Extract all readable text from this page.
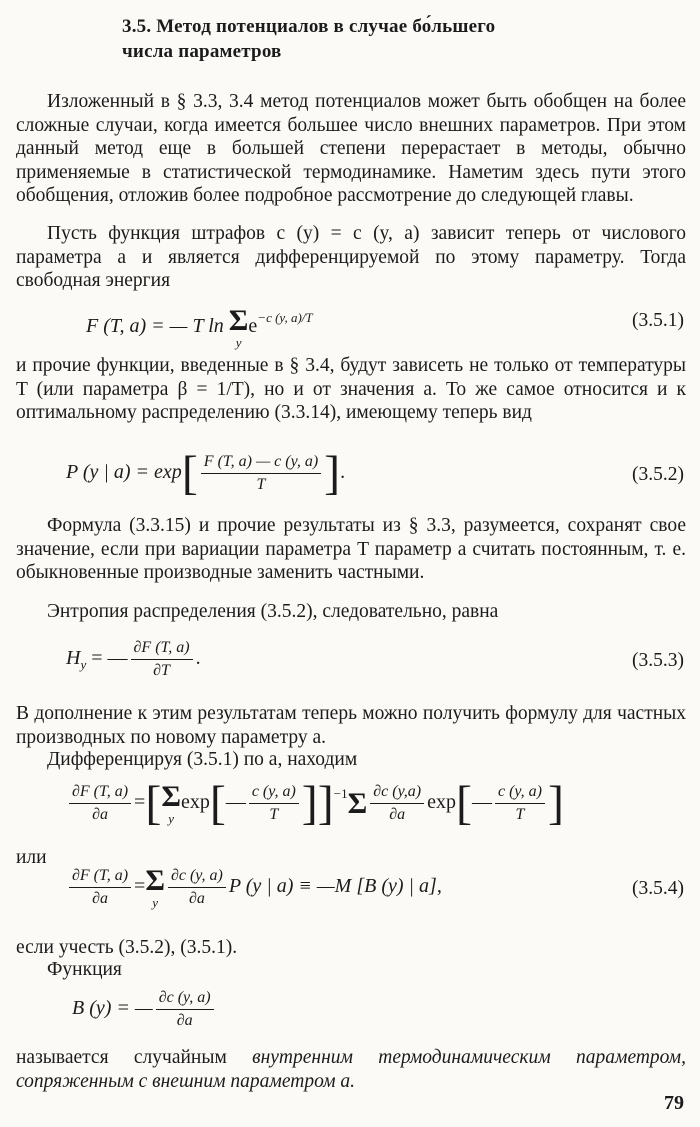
3.5. Метод потенциалов в случае бо́льшего
числа параметров

Изложенный в § 3.3, 3.4 метод потенциалов может быть обобщен на более сложные случаи, когда имеется большее число внешних параметров. При этом данный метод еще в большей степени перерастает в методы, обычно применяемые в статистической термодинамике. Наметим здесь пути этого обобщения, отложив более подробное рассмотрение до следующей главы.

Пусть функция штрафов c (y) = c (y, a) зависит теперь от числового параметра a и является дифференцируемой по этому параметру. Тогда свободная энергия

F (T, a) = — T ln Σ
y
$e^{-c (y, a)/T}$	(3.5.1)

и прочие функции, введенные в § 3.4, будут зависеть не только от температуры T (или параметра β = 1/T), но и от значения a. То же самое относится и к оптимальному распределению (3.3.14), имеющему теперь вид

P (y | $a) = \exp[ \frac{F (T, a) — c (y, a)}{T}$ ].	(3.5.2)

Формула (3.3.15) и прочие результаты из § 3.3, разумеется, сохранят свое значение, если при вариации параметра T параметр a считать постоянным, т. е. обыкновенные производные заменить частными.

Энтропия распределения (3.5.2), следовательно, равна

$H_y$ = — $\frac{\partial F (T, a)}{\partial T}$ .	(3.5.3)

В дополнение к этим результатам теперь можно получить формулу для частных производных по новому параметру a.

Дифференцируя (3.5.1) по a, находим

$\frac{\partial F (T, a)}{\partial a}$ =[ Σ
y
exp[— $\frac{c (y, a)}{T} ]]^{-1}$ Σ $\frac{\partial c (y,a)}{\partial a}$ exp[— $\frac{c (y, a)}{T}$ ]

или

$\frac{\partial F (T, a)}{\partial a} = \Sigma$
y $\frac{\partial c (y, a)}{\partial a}$ P (y | a) ≡ —M [B (y) | a],	(3.5.4)

если учесть (3.5.2), (3.5.1).

Функция

B (y) = — $\frac{\partial c (y, a)}{\partial a}$

называется случайным внутренним термодинамическим параметром, сопряженным с внешним параметром a.

79
